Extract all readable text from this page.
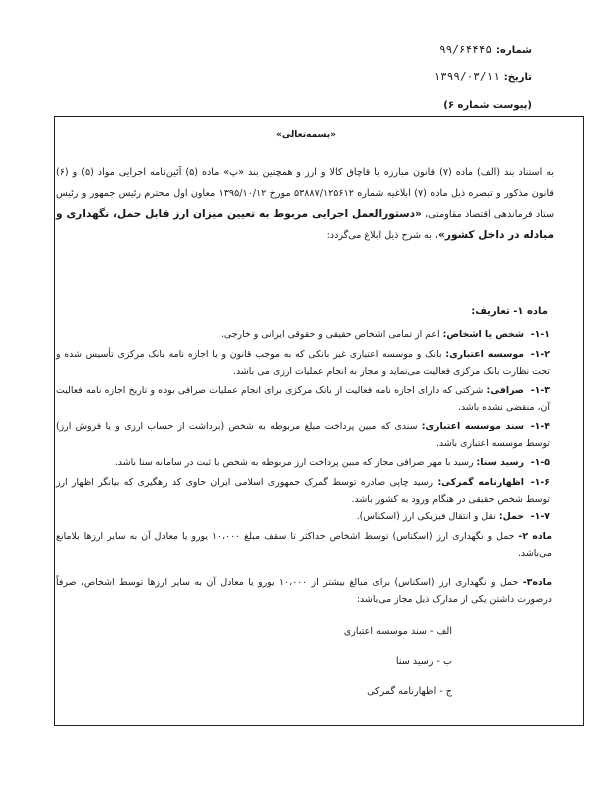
شماره:۹۹/۶۴۴۴۵
تاریخ:۱۳۹۹/۰۳/۱۱
(پیوست شماره ۶)
«بسمه‌تعالی»
به استناد بند (الف) ماده (۷) قانون مبارزه با قاچاق کالا و ارز و همچنین بند «پ» ماده (۵) آئین‌نامه اجرایی مواد (۵) و (۶) قانون مذکور و تبصره ذیل ماده (۷) ابلاغیه شماره ۵۳۸۸۷/۱۲۵۶۱۲ مورخ ۱۳۹۵/۱۰/۱۲ معاون اول محترم رئیس جمهور و رئیس ستاد فرماندهی اقتصاد مقاومتی، «دستورالعمل اجرایی مربوط به تعیین میزان ارز قابل حمل، نگهداری و مبادله در داخل کشور»، به شرح ذیل ابلاغ می‌گردد:
ماده ۱- تعاریف:
۱-۱-شخص یا اشخاص: اعم از تمامی اشخاص حقیقی و حقوقی ایرانی و خارجی.
۱-۲-موسسه اعتباری: بانک و موسسه اعتباری غیر بانکی که به موجب قانون و یا اجازه نامه بانک مرکزی تأسیس شده و تحت نظارت بانک مرکزی فعالیت می‌نماید و مجاز به انجام عملیات ارزی می باشد.
۱-۳-صرافی: شرکتی که دارای اجازه نامه فعالیت از بانک مرکزی برای انجام عملیات صرافی بوده و تاریخ اجازه نامه فعالیت آن، منقضی نشده باشد.
۱-۴-سند موسسه اعتباری: سندی که مبین پرداخت مبلغ مربوطه به شخص (برداشت از حساب ارزی و یا فروش ارز) توسط موسسه اعتباری باشد.
۱-۵-رسید سنا: رسید با مهر صرافی مجاز که مبین پرداخت ارز مربوطه به شخص با ثبت در سامانه سنا باشد.
۱-۶-اظهارنامه گمرکی: رسید چاپی صادره توسط گمرک جمهوری اسلامی ایران حاوی کد رهگیری که بیانگر اظهار ارز توسط شخص حقیقی در هنگام ورود به کشور باشد.
۱-۷-حمل: نقل و انتقال فیزیکی ارز (اسکناس).
ماده ۲- حمل و نگهداری ارز (اسکناس) توسط اشخاص حداکثر تا سقف مبلغ ۱۰،۰۰۰ یورو یا معادل آن به سایر ارزها بلامانع می‌باشد.
ماده۳- حمل و نگهداری ارز (اسکناس) برای مبالغ بیشتر از ۱۰،۰۰۰ یورو یا معادل آن به سایر ارزها توسط اشخاص، صرفاً درصورت داشتن یکی از مدارک ذیل مجاز می‌باشد:
الف - سند موسسه اعتباری
ب - رسید سنا
ج - اظهارنامه گمرکی
